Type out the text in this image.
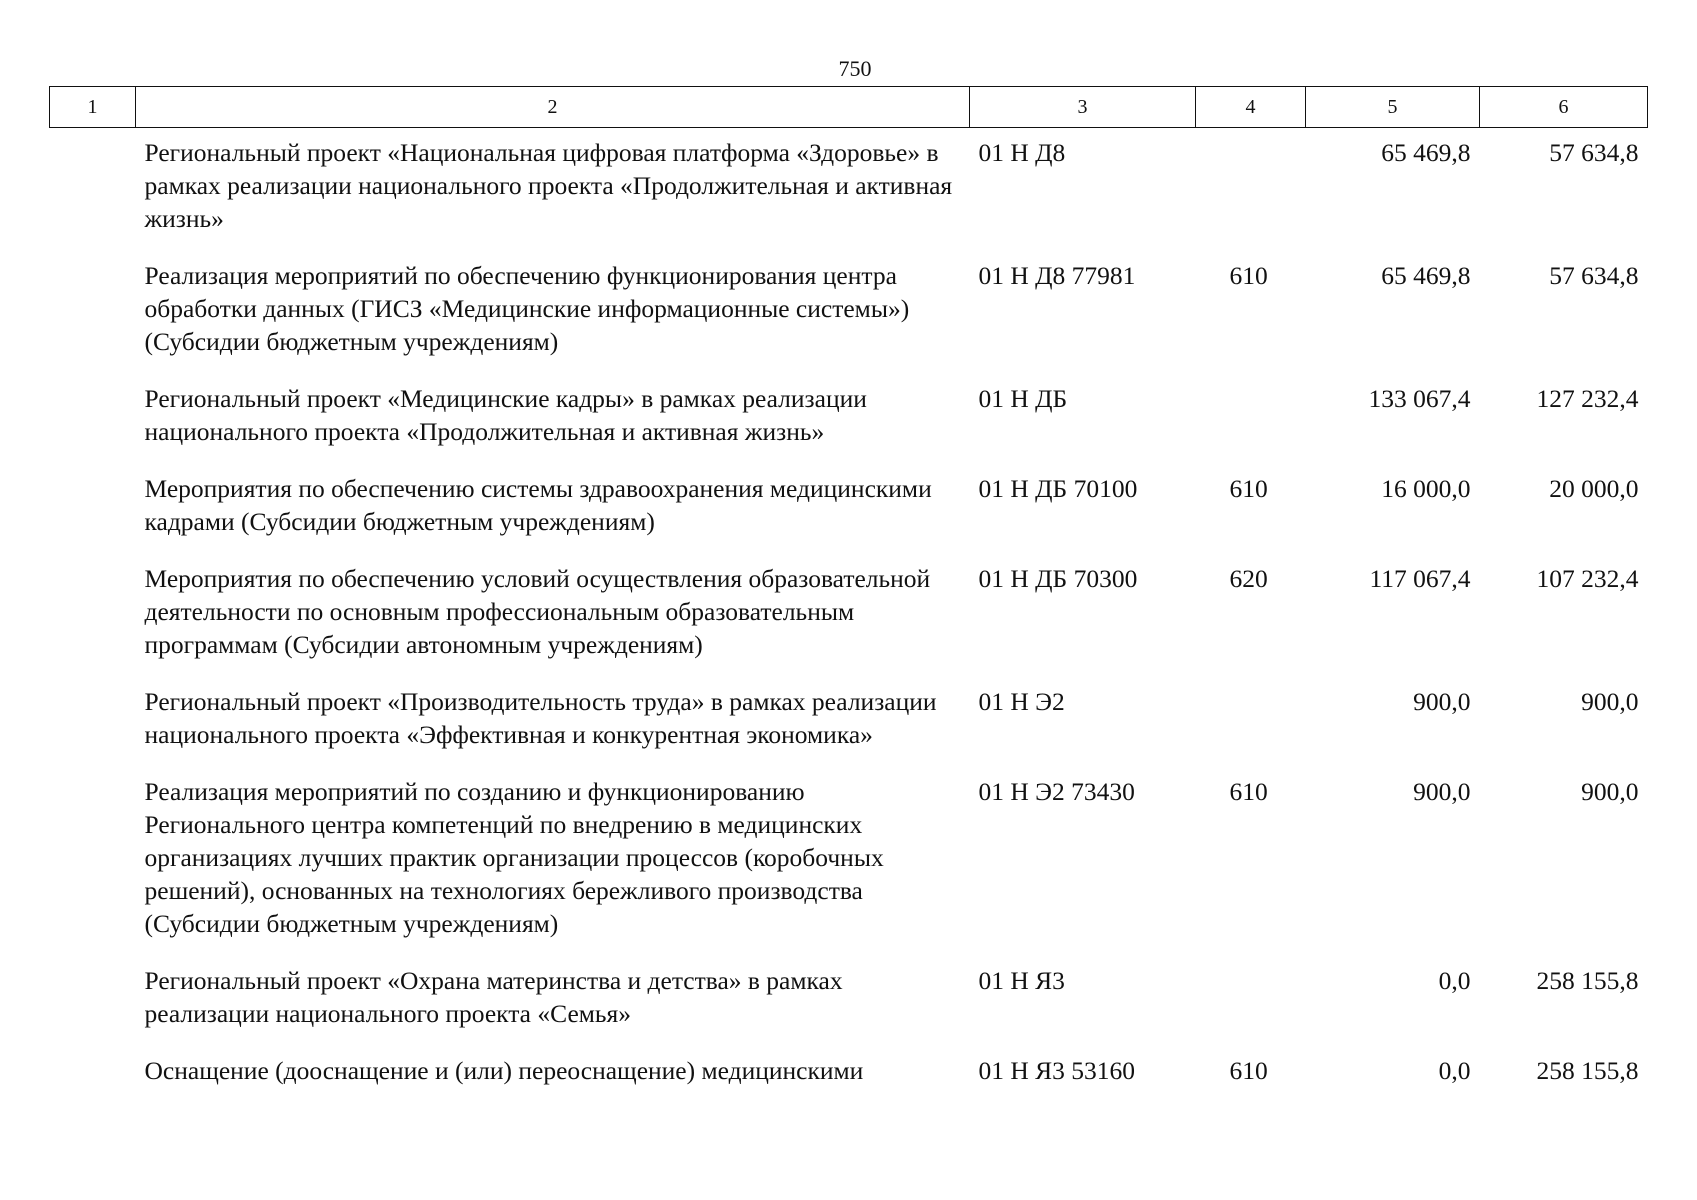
750
1	2	3	4	5	6
	Региональный проект «Национальная цифровая платформа «Здоровье» в рамках реализации национального проекта «Продолжительная и активная жизнь»	01 Н Д8		65 469,8	57 634,8
	Реализация мероприятий по обеспечению функционирования центра обработки данных (ГИСЗ «Медицинские информационные системы») (Субсидии бюджетным учреждениям)	01 Н Д8 77981	610	65 469,8	57 634,8
	Региональный проект «Медицинские кадры» в рамках реализации национального проекта «Продолжительная и активная жизнь»	01 Н ДБ		133 067,4	127 232,4
	Мероприятия по обеспечению системы здравоохранения медицинскими кадрами (Субсидии бюджетным учреждениям)	01 Н ДБ 70100	610	16 000,0	20 000,0
	Мероприятия по обеспечению условий осуществления образовательной деятельности по основным профессиональным образовательным программам (Субсидии автономным учреждениям)	01 Н ДБ 70300	620	117 067,4	107 232,4
	Региональный проект «Производительность труда» в рамках реализации национального проекта «Эффективная и конкурентная экономика»	01 Н Э2		900,0	900,0
	Реализация мероприятий по созданию и функционированию Регионального центра компетенций по внедрению в медицинских организациях лучших практик организации процессов (коробочных решений), основанных на технологиях бережливого производства (Субсидии бюджетным учреждениям)	01 Н Э2 73430	610	900,0	900,0
	Региональный проект «Охрана материнства и детства» в рамках реализации национального проекта «Семья»	01 Н Я3		0,0	258 155,8
	Оснащение (дооснащение и (или) переоснащение) медицинскими	01 Н Я3 53160	610	0,0	258 155,8
